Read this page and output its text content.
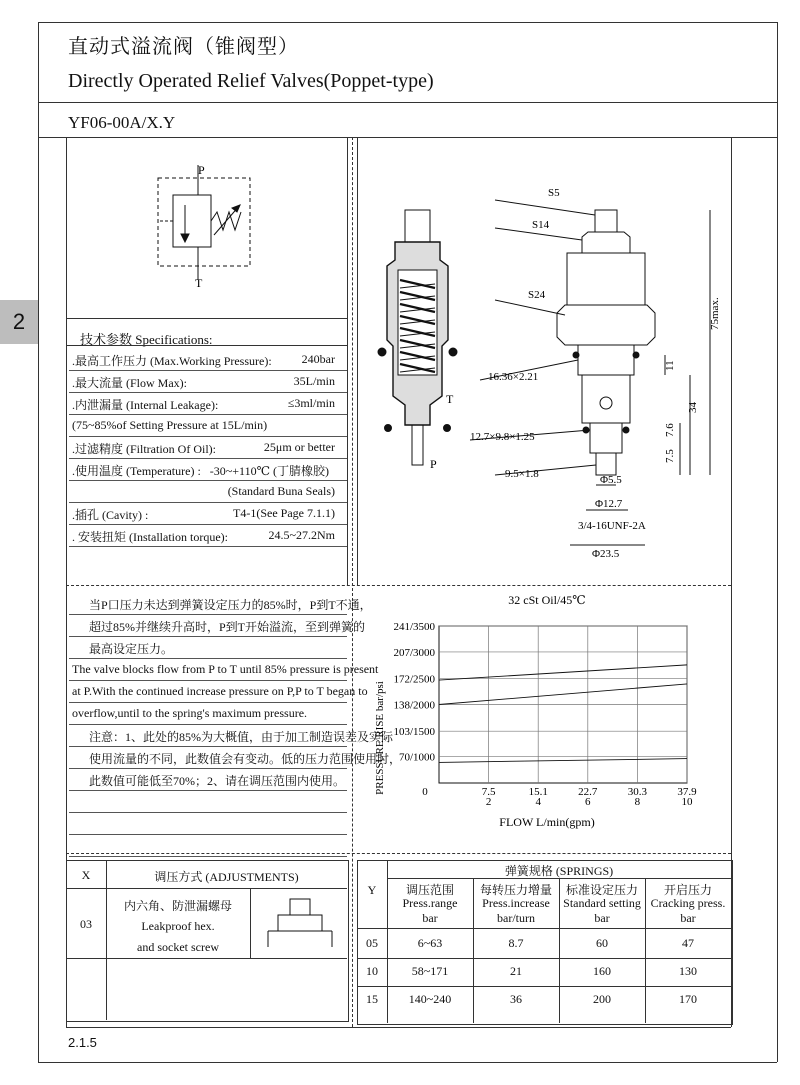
直动式溢流阀（锥阀型）
Directly Operated Relief Valves(Poppet-type)
YF06-00A/X.Y
2
P
T
技术参数 Specifications:
.最高工作压力 (Max.Working Pressure): 240bar
.最大流量 (Flow Max):	35L/min
.内泄漏量 (Internal Leakage):	≤3ml/min
(75~85%of Setting Pressure at 15L/min)
.过滤精度 (Filtration Of Oil):	25μm or better
.使用温度 (Temperature) : -30~+110℃ (丁腈橡胶)
(Standard Buna Seals)
.插孔 (Cavity) :	T4-1(See Page 7.1.1)
. 安装扭矩 (Installation torque):	24.5~27.2Nm
T
P
S5
S14
S24
16.36×2.21
12.7×9.8×1.25
9.5×1.8	Φ5.5
Φ12.7
3/4-16UNF-2A
Φ23.5
75max.
11
34
7.6
7.5
当P口压力未达到弹簧设定压力的85%时，P到T不通，
超过85%并继续升高时，P到T开始溢流，至到弹簧的
最高设定压力。
The valve blocks flow from P to T until 85% pressure is present
at P.With the continued increase pressure on P,P to T began to
overflow,until to the spring's maximum pressure.
注意：1、此处的85%为大概值，由于加工制造误差及实际
使用流量的不同，此数值会有变动。低的压力范围使用时，
此数值可能低至70%；2、请在调压范围内使用。
32 cSt Oil/45℃
PRESSURE RISE bar/psi
FLOW L/min(gpm)
70/1000
103/1500
138/2000
172/2500
207/3000
241/3500
7.5
2
15.1
4
22.7
6
30.3
8
37.9
10
0
X	调压方式 (ADJUSTMENTS)
03
内六角、防泄漏螺母
Leakproof hex.
and socket screw
弹簧规格 (SPRINGS)
Y	调压范围
Press.range
bar
每转压力增量
Press.increase
bar/turn
标准设定压力
Standard setting
bar
开启压力
Cracking press.
bar
05	6~63	8.7	60	47
10	58~171	21	160	130
15	140~240	36	200	170
2.1.5
